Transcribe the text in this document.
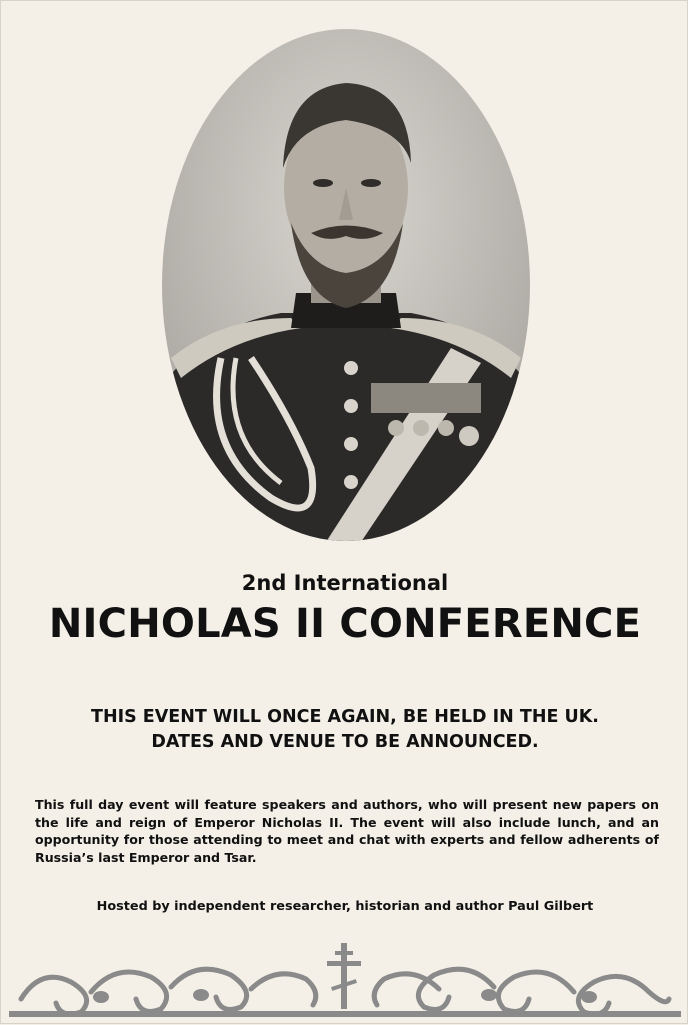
2nd International
NICHOLAS II CONFERENCE
THIS EVENT WILL ONCE AGAIN, BE HELD IN THE UK.
DATES AND VENUE TO BE ANNOUNCED.
This full day event will feature speakers and authors, who will present new papers on the life and reign of Emperor Nicholas II. The event will also include lunch, and an opportunity for those attending to meet and chat with experts and fellow adherents of Russia’s last Emperor and Tsar.
Hosted by independent researcher, historian and author Paul Gilbert
